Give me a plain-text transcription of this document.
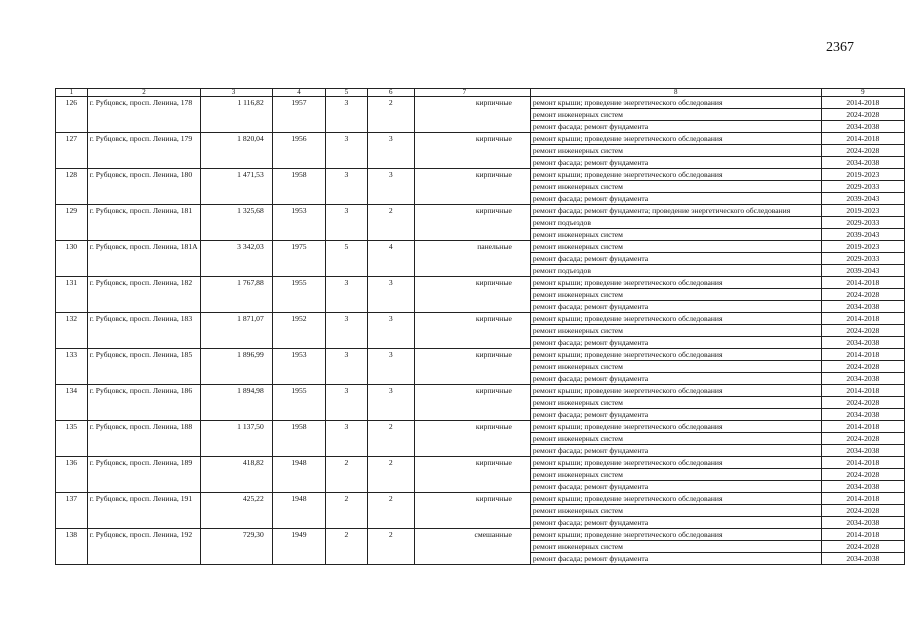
2367
1	2	3	4	5	6	7	8	9
126	г. Рубцовск, просп. Ленина, 178	1 116,82	1957	3	2	кирпичные	ремонт крыши; проведение энергетического обследования	2014-2018
							ремонт инженерных систем	2024-2028
							ремонт фасада; ремонт фундамента	2034-2038
127	г. Рубцовск, просп. Ленина, 179	1 820,04	1956	3	3	кирпичные	ремонт крыши; проведение энергетического обследования	2014-2018
							ремонт инженерных систем	2024-2028
							ремонт фасада; ремонт фундамента	2034-2038
128	г. Рубцовск, просп. Ленина, 180	1 471,53	1958	3	3	кирпичные	ремонт крыши; проведение энергетического обследования	2019-2023
							ремонт инженерных систем	2029-2033
							ремонт фасада; ремонт фундамента	2039-2043
129	г. Рубцовск, просп. Ленина, 181	1 325,68	1953	3	2	кирпичные	ремонт фасада; ремонт фундамента; проведение энергетического обследования	2019-2023
							ремонт подъездов	2029-2033
							ремонт инженерных систем	2039-2043
130	г. Рубцовск, просп. Ленина, 181А	3 342,03	1975	5	4	панельные	ремонт инженерных систем	2019-2023
							ремонт фасада; ремонт фундамента	2029-2033
							ремонт подъездов	2039-2043
131	г. Рубцовск, просп. Ленина, 182	1 767,88	1955	3	3	кирпичные	ремонт крыши; проведение энергетического обследования	2014-2018
							ремонт инженерных систем	2024-2028
							ремонт фасада; ремонт фундамента	2034-2038
132	г. Рубцовск, просп. Ленина, 183	1 871,07	1952	3	3	кирпичные	ремонт крыши; проведение энергетического обследования	2014-2018
							ремонт инженерных систем	2024-2028
							ремонт фасада; ремонт фундамента	2034-2038
133	г. Рубцовск, просп. Ленина, 185	1 896,99	1953	3	3	кирпичные	ремонт крыши; проведение энергетического обследования	2014-2018
							ремонт инженерных систем	2024-2028
							ремонт фасада; ремонт фундамента	2034-2038
134	г. Рубцовск, просп. Ленина, 186	1 894,98	1955	3	3	кирпичные	ремонт крыши; проведение энергетического обследования	2014-2018
							ремонт инженерных систем	2024-2028
							ремонт фасада; ремонт фундамента	2034-2038
135	г. Рубцовск, просп. Ленина, 188	1 137,50	1958	3	2	кирпичные	ремонт крыши; проведение энергетического обследования	2014-2018
							ремонт инженерных систем	2024-2028
							ремонт фасада; ремонт фундамента	2034-2038
136	г. Рубцовск, просп. Ленина, 189	418,82	1948	2	2	кирпичные	ремонт крыши; проведение энергетического обследования	2014-2018
							ремонт инженерных систем	2024-2028
							ремонт фасада; ремонт фундамента	2034-2038
137	г. Рубцовск, просп. Ленина, 191	425,22	1948	2	2	кирпичные	ремонт крыши; проведение энергетического обследования	2014-2018
							ремонт инженерных систем	2024-2028
							ремонт фасада; ремонт фундамента	2034-2038
138	г. Рубцовск, просп. Ленина, 192	729,30	1949	2	2	смешанные	ремонт крыши; проведение энергетического обследования	2014-2018
							ремонт инженерных систем	2024-2028
							ремонт фасада; ремонт фундамента	2034-2038
